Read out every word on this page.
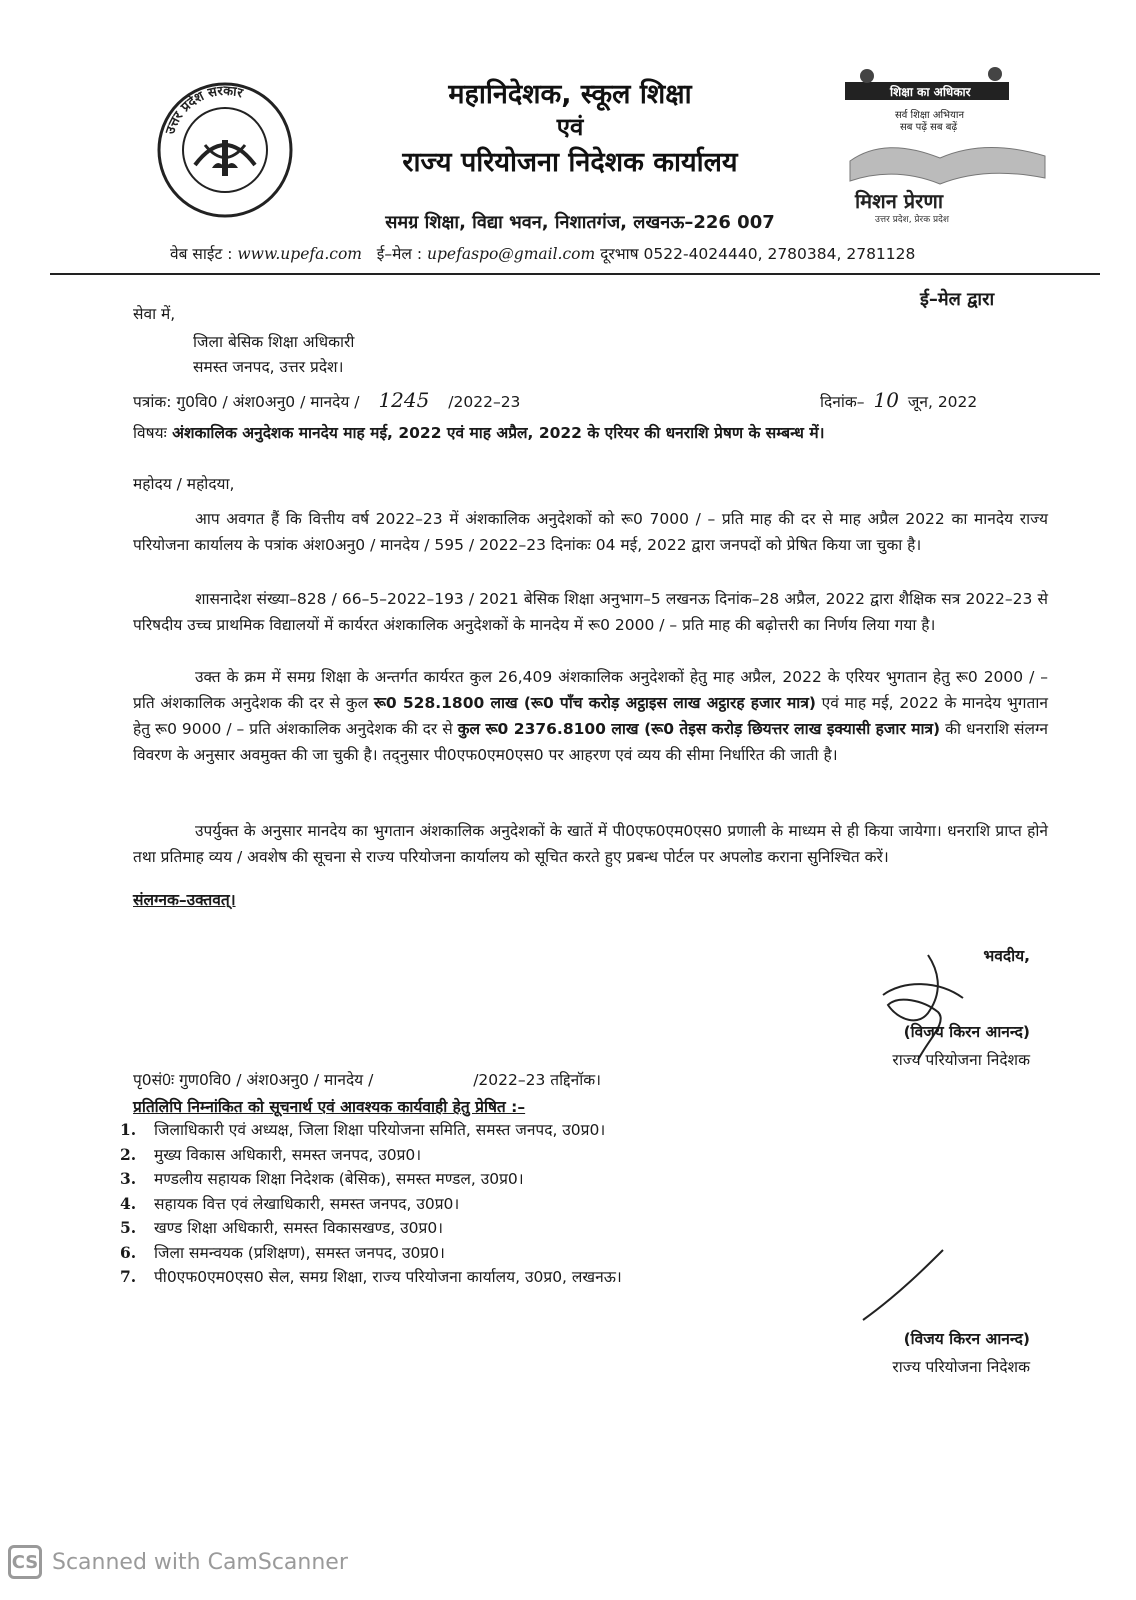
उत्तर प्रदेश सरकार	महानिदेशक, स्कूल शिक्षा
एवं
राज्य परियोजना निदेशक कार्यालय
शिक्षा का अधिकार
सर्व शिक्षा अभियान
सब पढ़ें सब बढ़ें
मिशन प्रेरणा
उत्तर प्रदेश, प्रेरक प्रदेश
समग्र शिक्षा, विद्या भवन, निशातगंज, लखनऊ–226 007
वेब साईट : www.upefa.com ई–मेल : upefaspo@gmail.com दूरभाष 0522-4024440, 2780384, 2781128
ई–मेल द्वारा
सेवा में,
जिला बेसिक शिक्षा अधिकारी
समस्त जनपद, उत्तर प्रदेश।
पत्रांक: गु0वि0 / अंश0अनु0 / मानदेय / 1245 /2022–23	दिनांक– 10 जून, 2022
विषयः अंशकालिक अनुदेशक मानदेय माह मई, 2022 एवं माह अप्रैल, 2022 के एरियर की धनराशि प्रेषण के सम्बन्ध में।
महोदय / महोदया,
आप अवगत हैं कि वित्तीय वर्ष 2022–23 में अंशकालिक अनुदेशकों को रू0 7000 / – प्रति माह की दर से माह अप्रैल 2022 का मानदेय राज्य परियोजना कार्यालय के पत्रांक अंश0अनु0 / मानदेय / 595 / 2022–23 दिनांकः 04 मई, 2022 द्वारा जनपदों को प्रेषित किया जा चुका है।
शासनादेश संख्या–828 / 66–5–2022–193 / 2021 बेसिक शिक्षा अनुभाग–5 लखनऊ दिनांक–28 अप्रैल, 2022 द्वारा शैक्षिक सत्र 2022–23 से परिषदीय उच्च प्राथमिक विद्यालयों में कार्यरत अंशकालिक अनुदेशकों के मानदेय में रू0 2000 / – प्रति माह की बढ़ोत्तरी का निर्णय लिया गया है।
उक्त के क्रम में समग्र शिक्षा के अन्तर्गत कार्यरत कुल 26,409 अंशकालिक अनुदेशकों हेतु माह अप्रैल, 2022 के एरियर भुगतान हेतु रू0 2000 / – प्रति अंशकालिक अनुदेशक की दर से कुल रू0 528.1800 लाख (रू0 पाँच करोड़ अट्ठाइस लाख अट्ठारह हजार मात्र) एवं माह मई, 2022 के मानदेय भुगतान हेतु रू0 9000 / – प्रति अंशकालिक अनुदेशक की दर से कुल रू0 2376.8100 लाख (रू0 तेइस करोड़ छियत्तर लाख इक्यासी हजार मात्र) की धनराशि संलग्न विवरण के अनुसार अवमुक्त की जा चुकी है। तद्नुसार पी0एफ0एम0एस0 पर आहरण एवं व्यय की सीमा निर्धारित की जाती है।
उपर्युक्त के अनुसार मानदेय का भुगतान अंशकालिक अनुदेशकों के खातें में पी0एफ0एम0एस0 प्रणाली के माध्यम से ही किया जायेगा। धनराशि प्राप्त होने तथा प्रतिमाह व्यय / अवशेष की सूचना से राज्य परियोजना कार्यालय को सूचित करते हुए प्रबन्ध पोर्टल पर अपलोड कराना सुनिश्चित करें।
संलग्नक–उक्तवत्।
भवदीय,
(विजय किरन आनन्द)
राज्य परियोजना निदेशक
पृ0सं0ः गुण0वि0 / अंश0अनु0 / मानदेय /	/2022–23 तद्दिनॉक।
प्रतिलिपि निम्नांकित को सूचनार्थ एवं आवश्यक कार्यवाही हेतु प्रेषित :–
1. जिलाधिकारी एवं अध्यक्ष, जिला शिक्षा परियोजना समिति, समस्त जनपद, उ0प्र0।
2. मुख्य विकास अधिकारी, समस्त जनपद, उ0प्र0।
3. मण्डलीय सहायक शिक्षा निदेशक (बेसिक), समस्त मण्डल, उ0प्र0।
4. सहायक वित्त एवं लेखाधिकारी, समस्त जनपद, उ0प्र0।
5. खण्ड शिक्षा अधिकारी, समस्त विकासखण्ड, उ0प्र0।
6. जिला समन्वयक (प्रशिक्षण), समस्त जनपद, उ0प्र0।
7. पी0एफ0एम0एस0 सेल, समग्र शिक्षा, राज्य परियोजना कार्यालय, उ0प्र0, लखनऊ।
(विजय किरन आनन्द)
राज्य परियोजना निदेशक
CS Scanned with CamScanner
